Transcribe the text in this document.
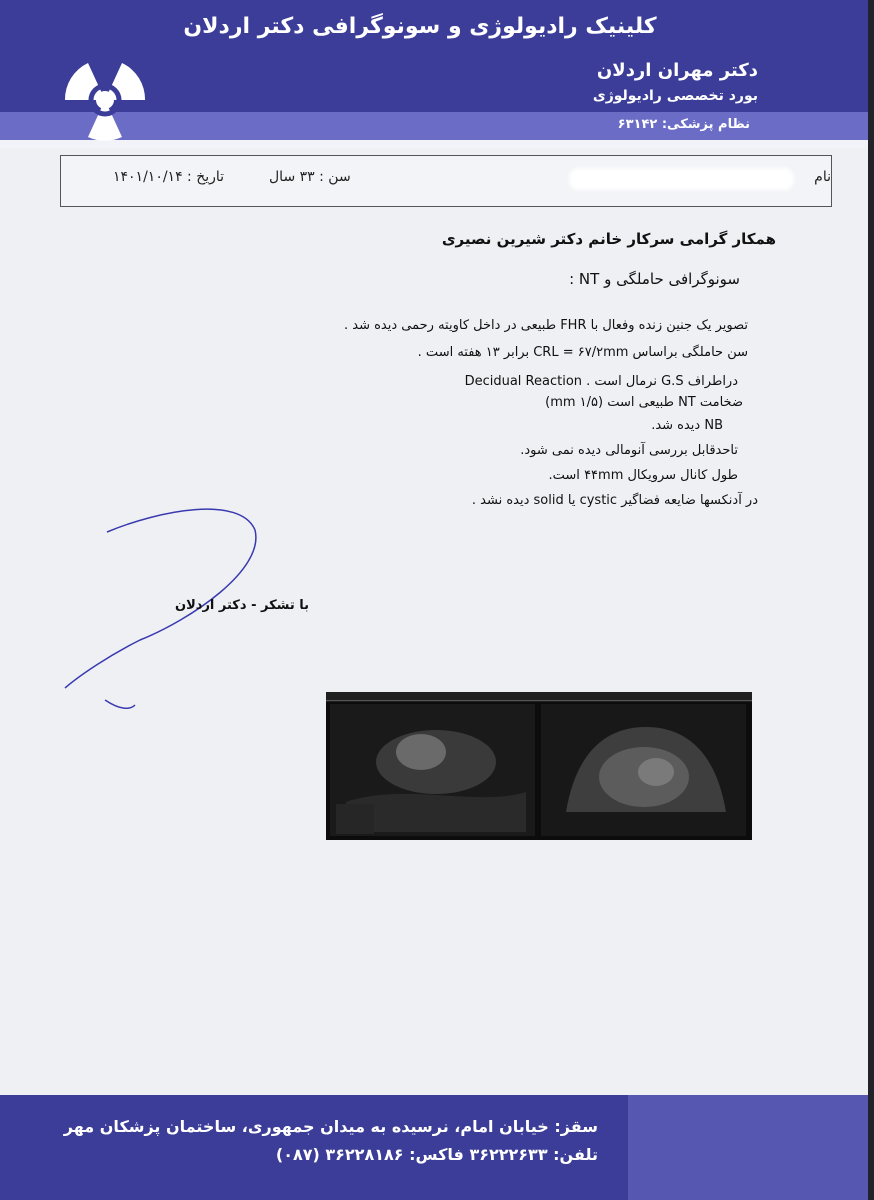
کلینیک رادیولوژی و سونوگرافی دکتر اردلان
دکتر مهران اردلان
بورد تخصصی رادیولوژی
نظام پزشکی: ۶۳۱۴۲
نام
سن : ۳۳ سال
تاریخ : ۱۴۰۱/۱۰/۱۴
همکار گرامی سرکار خانم دکتر شیرین نصیری
سونوگرافی حاملگی و NT :
تصویر یک جنین زنده وفعال با FHR طبیعی در داخل کاویته رحمی دیده شد .
سن حاملگی براساس CRL = ۶۷/۲mm برابر ۱۳ هفته است .
دراطراف G.S نرمال است . Decidual Reaction
ضخامت NT طبیعی است (۱/۵ mm)
NB دیده شد.
تاحدقابل بررسی آنومالی دیده نمی شود.
طول کانال سرویکال ۴۴mm است.
در آدنکسها ضایعه فضاگیر cystic یا solid دیده نشد .
با تشکر - دکتر اردلان
سقز: خیابان امام، نرسیده به میدان جمهوری، ساختمان پزشکان مهر
تلفن: ۳۶۲۲۲۶۳۳ فاکس: ۳۶۲۲۸۱۸۶ (۰۸۷)
